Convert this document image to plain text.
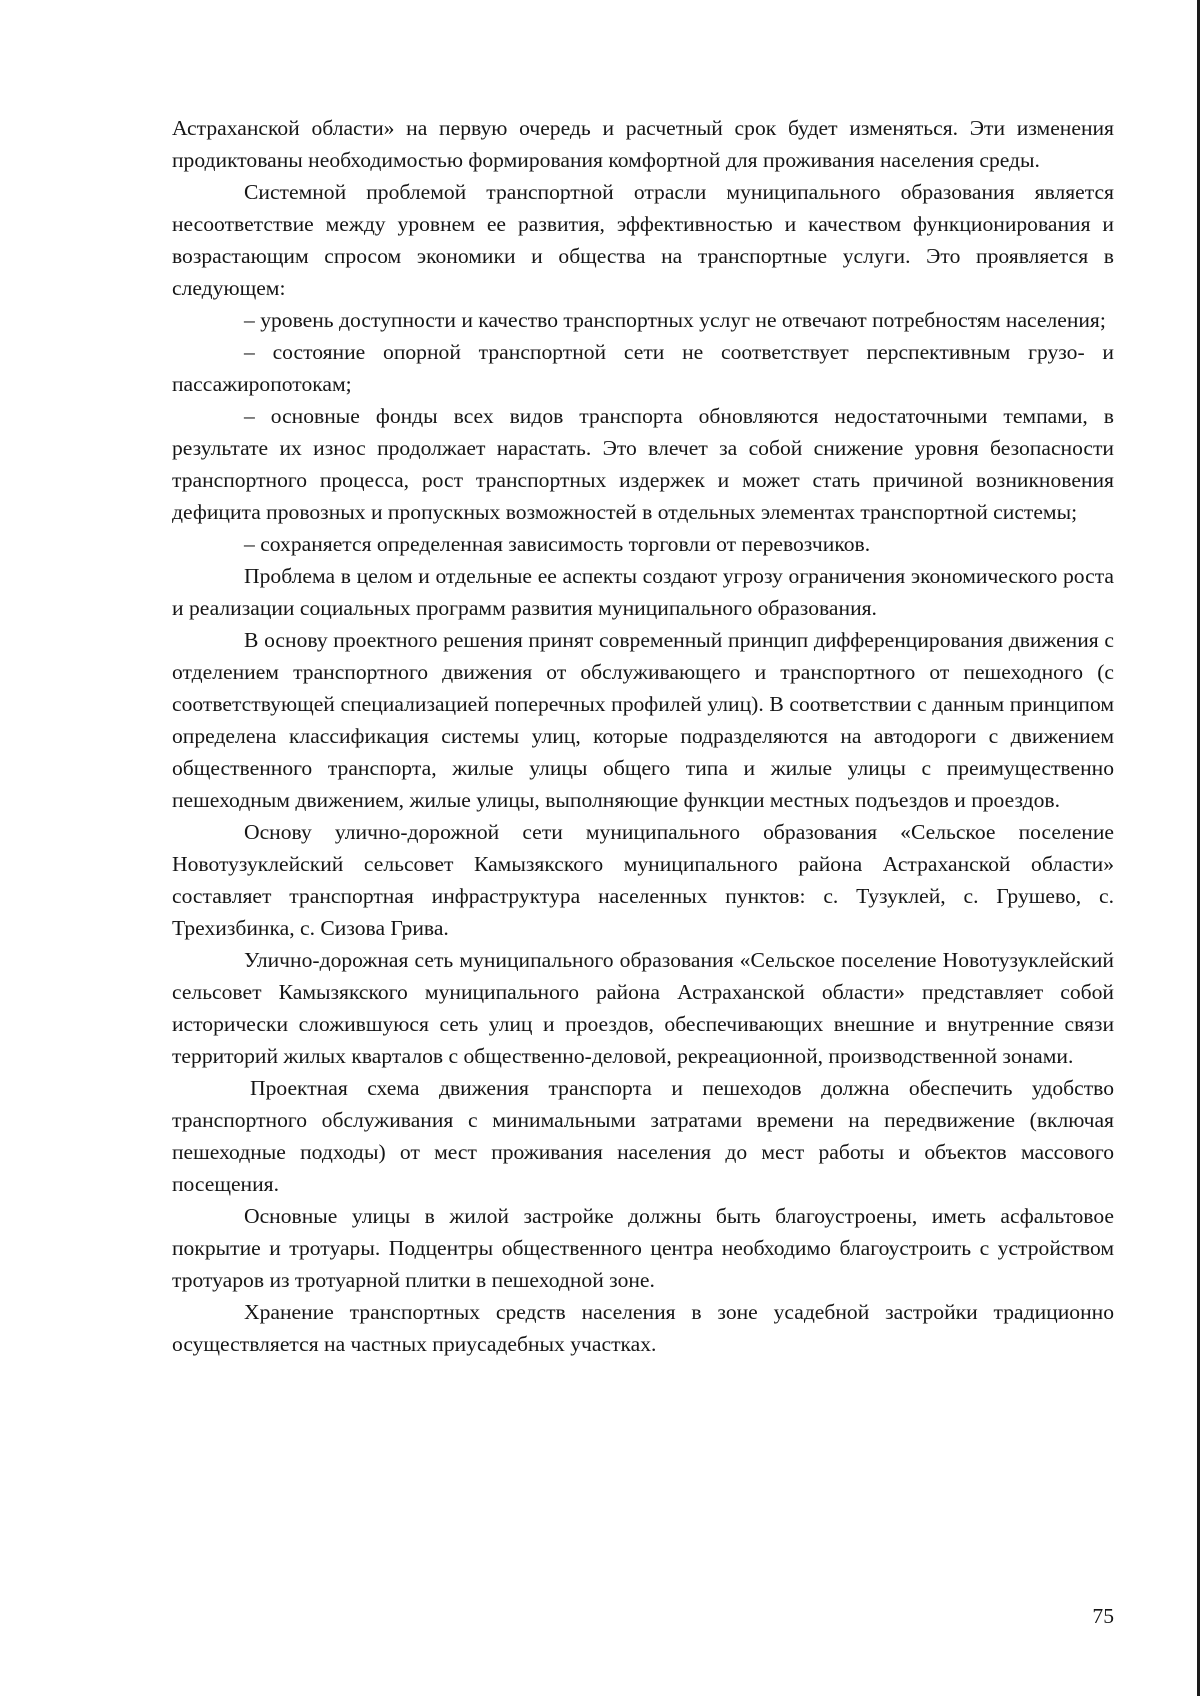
Астраханской области» на первую очередь и расчетный срок будет изменяться. Эти изменения продиктованы необходимостью формирования комфортной для проживания населения среды.

Системной проблемой транспортной отрасли муниципального образования является несоответствие между уровнем ее развития, эффективностью и качеством функционирования и возрастающим спросом экономики и общества на транспортные услуги. Это проявляется в следующем:

– уровень доступности и качество транспортных услуг не отвечают потребностям населения;

– состояние опорной транспортной сети не соответствует перспективным грузо- и пассажиропотокам;

– основные фонды всех видов транспорта обновляются недостаточными темпами, в результате их износ продолжает нарастать. Это влечет за собой снижение уровня безопасности транспортного процесса, рост транспортных издержек и может стать причиной возникновения дефицита провозных и пропускных возможностей в отдельных элементах транспортной системы;

– сохраняется определенная зависимость торговли от перевозчиков.

Проблема в целом и отдельные ее аспекты создают угрозу ограничения экономического роста и реализации социальных программ развития муниципального образования.

В основу проектного решения принят современный принцип дифференцирования движения с отделением транспортного движения от обслуживающего и транспортного от пешеходного (с соответствующей специализацией поперечных профилей улиц). В соответствии с данным принципом определена классификация системы улиц, которые подразделяются на автодороги с движением общественного транспорта, жилые улицы общего типа и жилые улицы с преимущественно пешеходным движением, жилые улицы, выполняющие функции местных подъездов и проездов.

Основу улично-дорожной сети муниципального образования «Сельское поселение Новотузуклейский сельсовет Камызякского муниципального района Астраханской области» составляет транспортная инфраструктура населенных пунктов: с. Тузуклей, с. Грушево, с. Трехизбинка, с. Сизова Грива.

Улично-дорожная сеть муниципального образования «Сельское поселение Новотузуклейский сельсовет Камызякского муниципального района Астраханской области» представляет собой исторически сложившуюся сеть улиц и проездов, обеспечивающих внешние и внутренние связи территорий жилых кварталов с общественно-деловой, рекреационной, производственной зонами.

Проектная схема движения транспорта и пешеходов должна обеспечить удобство транспортного обслуживания с минимальными затратами времени на передвижение (включая пешеходные подходы) от мест проживания населения до мест работы и объектов массового посещения.

Основные улицы в жилой застройке должны быть благоустроены, иметь асфальтовое покрытие и тротуары. Подцентры общественного центра необходимо благоустроить с устройством тротуаров из тротуарной плитки в пешеходной зоне.

Хранение транспортных средств населения в зоне усадебной застройки традиционно осуществляется на частных приусадебных участках.

75
